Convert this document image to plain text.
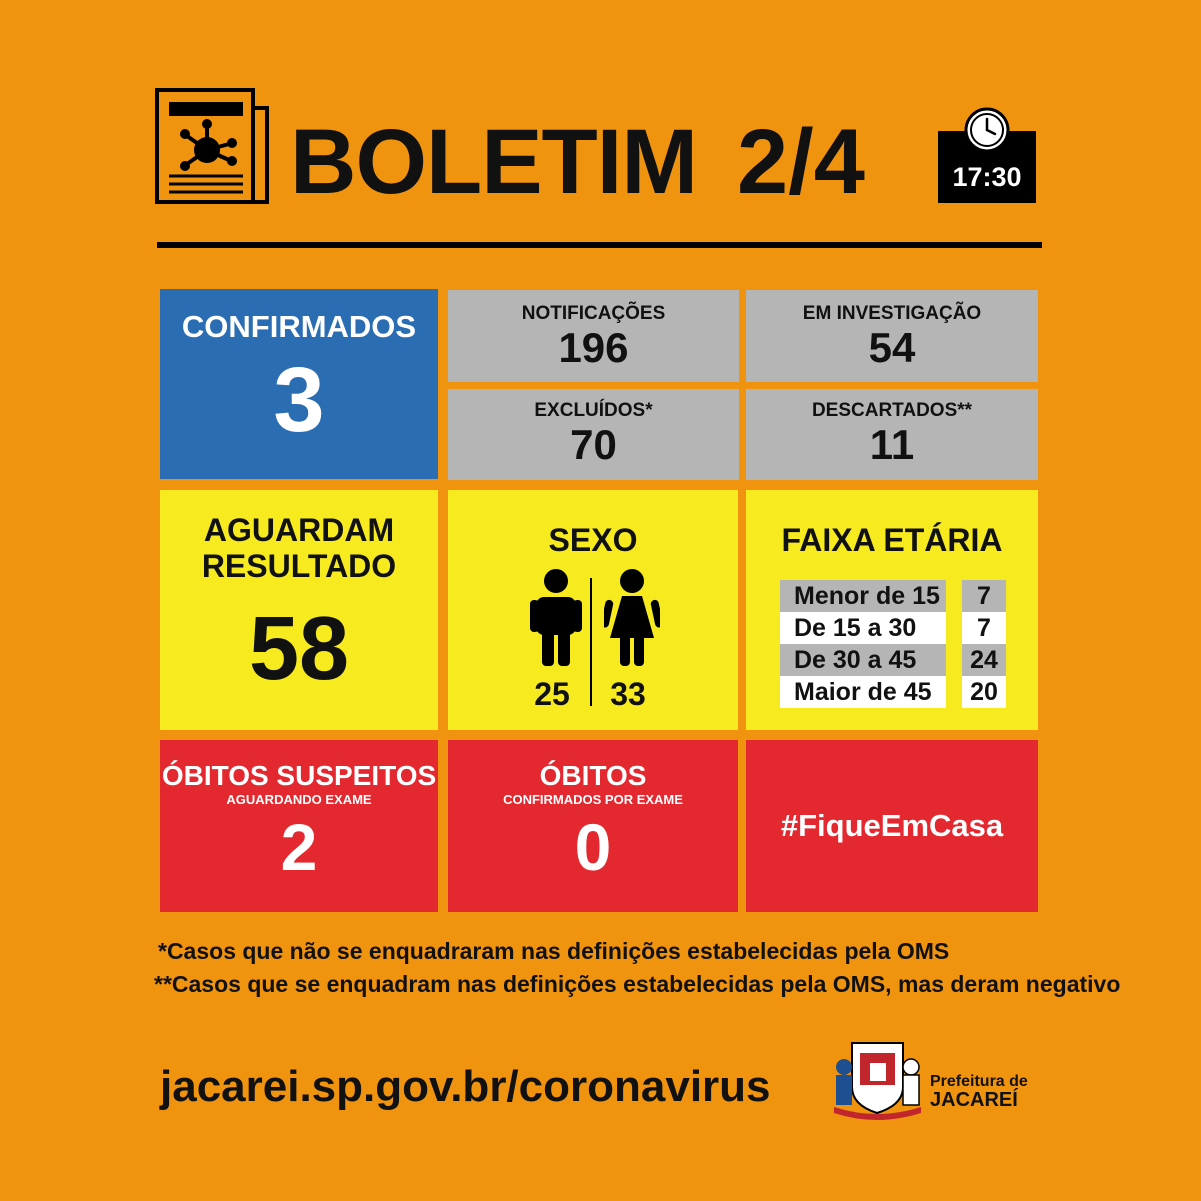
BOLETIM 2/4	17:30
CONFIRMADOS
3
NOTIFICAÇÕES
196
EM INVESTIGAÇÃO
54
EXCLUÍDOS*
70
DESCARTADOS**
11
AGUARDAM
RESULTADO
58
SEXO
25	33
FAIXA ETÁRIA
Menor de 15	7
De 15 a 30	7
De 30 a 45	24
Maior de 45	20
ÓBITOS SUSPEITOS
AGUARDANDO EXAME
2
ÓBITOS
CONFIRMADOS POR EXAME
0	#FiqueEmCasa
*Casos que não se enquadraram nas definições estabelecidas pela OMS
**Casos que se enquadram nas definições estabelecidas pela OMS, mas deram negativo
jacarei.sp.gov.br/coronavirus	Prefeitura de
JACAREÍ
